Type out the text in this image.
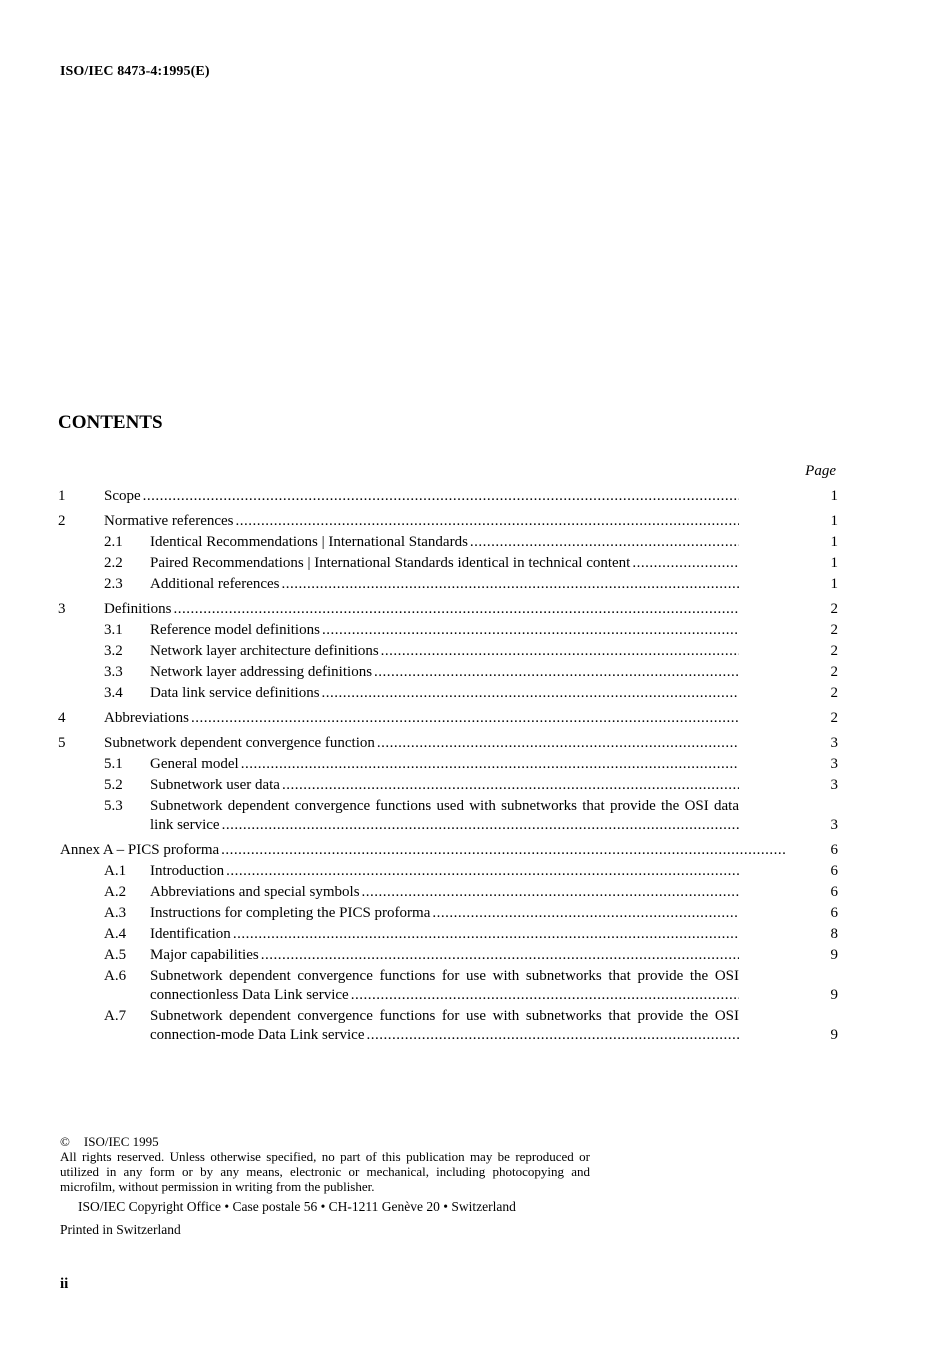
ISO/IEC 8473-4:1995(E)
CONTENTS
Page
1	Scope .....	1
2	Normative references .....	1
2.1	Identical Recommendations | International Standards .....	1
2.2	Paired Recommendations | International Standards identical in technical content .....	1
2.3	Additional references .....	1
3	Definitions .....	2
3.1	Reference model definitions .....	2
3.2	Network layer architecture definitions .....	2
3.3	Network layer addressing definitions .....	2
3.4	Data link service definitions .....	2
4	Abbreviations .....	2
5	Subnetwork dependent convergence function .....	3
5.1	General model .....	3
5.2	Subnetwork user data .....	3
5.3	Subnetwork dependent convergence functions used with subnetworks that provide the OSI data
link service .....	3
Annex A – PICS proforma .....	6
A.1	Introduction .....	6
A.2	Abbreviations and special symbols .....	6
A.3	Instructions for completing the PICS proforma .....	6
A.4	Identification .....	8
A.5	Major capabilities .....	9
A.6	Subnetwork dependent convergence functions for use with subnetworks that provide the OSI
connectionless Data Link service .....	9
A.7	Subnetwork dependent convergence functions for use with subnetworks that provide the OSI
connection-mode Data Link service .....	9
© ISO/IEC 1995
All rights reserved. Unless otherwise specified, no part of this publication may be reproduced or utilized in any form or by any means, electronic or mechanical, including photocopying and microfilm, without permission in writing from the publisher.
ISO/IEC Copyright Office • Case postale 56 • CH-1211 Genève 20 • Switzerland
Printed in Switzerland
ii
